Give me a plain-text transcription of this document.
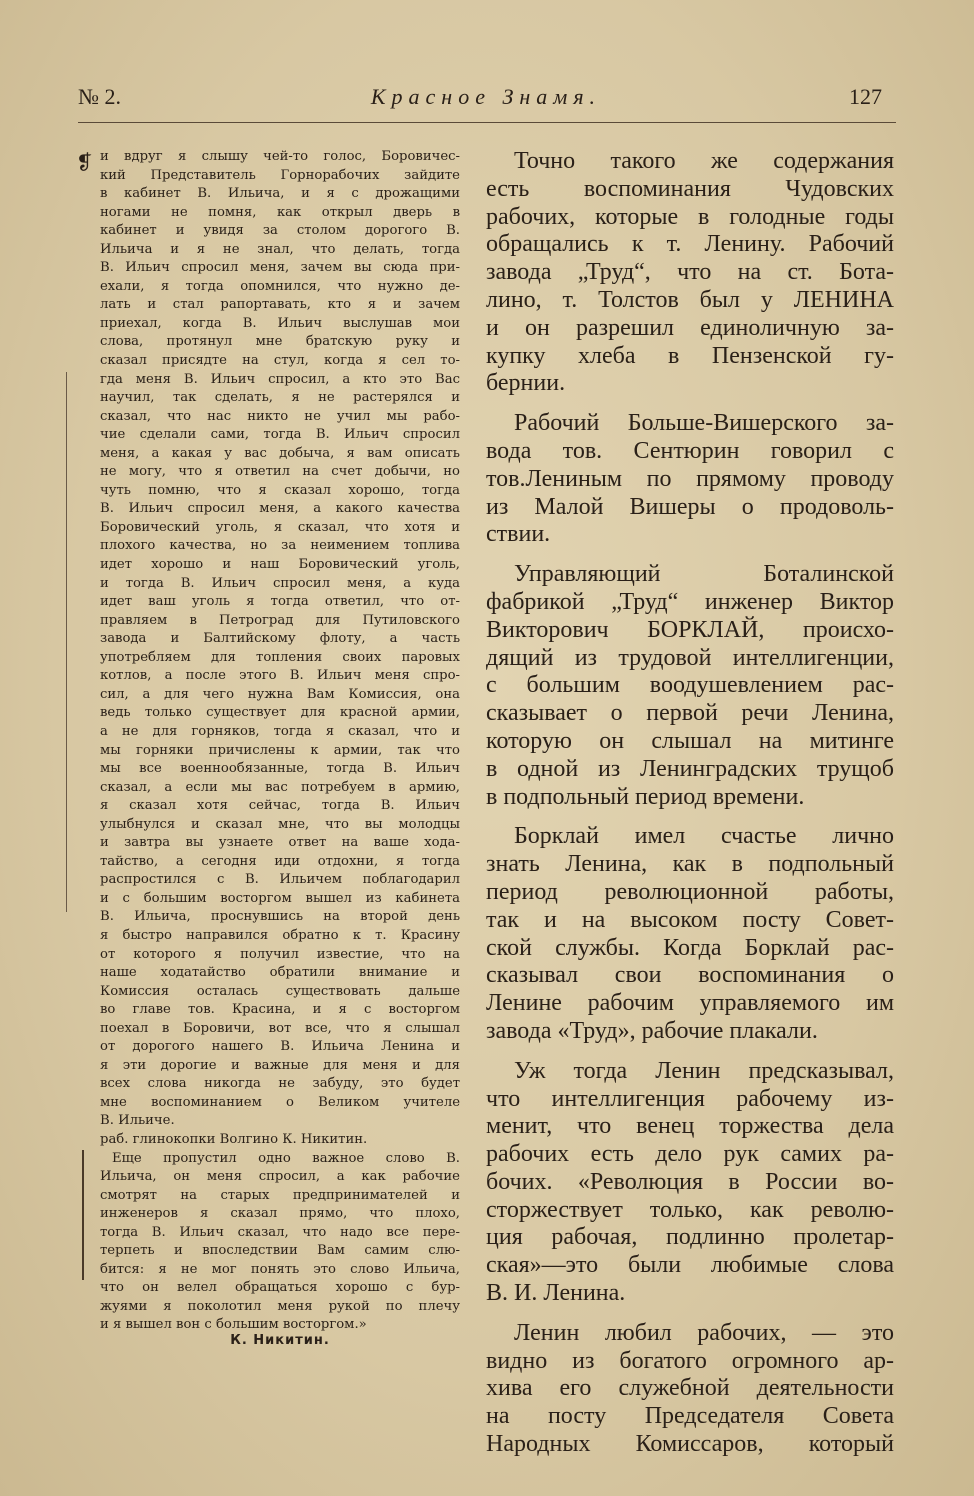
№ 2.	Красное Знамя.	127
❡ и вдруг я слышу чей-то голос, Боровичес-
кий Представитель Горнорабочих зайдите
в кабинет В. Ильича, и я с дрожащими
ногами не помня, как открыл дверь в
кабинет и увидя за столом дорогого В.
Ильича и я не знал, что делать, тогда
В. Ильич спросил меня, зачем вы сюда при-
ехали, я тогда опомнился, что нужно де-
лать и стал рапортавать, кто я и зачем
приехал, когда В. Ильич выслушав мои
слова, протянул мне братскую руку и
сказал присядте на стул, когда я сел то-
гда меня В. Ильич спросил, а кто это Вас
научил, так сделать, я не растерялся и
сказал, что нас никто не учил мы рабо-
чие сделали сами, тогда В. Ильич спросил
меня, а какая у вас добыча, я вам описать
не могу, что я ответил на счет добычи, но
чуть помню, что я сказал хорошо, тогда
В. Ильич спросил меня, а какого качества
Боровический уголь, я сказал, что хотя и
плохого качества, но за неимением топлива
идет хорошо и наш Боровический уголь,
и тогда В. Ильич спросил меня, а куда
идет ваш уголь я тогда ответил, что от-
правляем в Петроград для Путиловского
завода и Балтийскому флоту, а часть
употребляем для топления своих паровых
котлов, а после этого В. Ильич меня спро-
сил, а для чего нужна Вам Комиссия, она
ведь только существует для красной армии,
а не для горняков, тогда я сказал, что и
мы горняки причислены к армии, так что
мы все военнообязанные, тогда В. Ильич
сказал, а если мы вас потребуем в армию,
я сказал хотя сейчас, тогда В. Ильич
улыбнулся и сказал мне, что вы молодцы
и завтра вы узнаете ответ на ваше хода-
тайство, а сегодня иди отдохни, я тогда
распростился с В. Ильичем поблагодарил
и с большим восторгом вышел из кабинета
В. Ильича, проснувшись на второй день
я быстро направился обратно к т. Красину
от которого я получил известие, что на
наше ходатайство обратили внимание и
Комиссия осталась существовать дальше
во главе тов. Красина, и я с восторгом
поехал в Боровичи, вот все, что я слышал
от дорогого нашего В. Ильича Ленина и
я эти дорогие и важные для меня и для
всех слова никогда не забуду, это будет
мне воспоминанием о Великом учителе
В. Ильиче.
раб. глинокопки Волгино К. Никитин.
Еще пропустил одно важное слово В.
Ильича, он меня спросил, а как рабочие
смотрят на старых предпринимателей и
инженеров я сказал прямо, что плохо,
тогда В. Ильич сказал, что надо все пере-
терпеть и впоследствии Вам самим слю-
бится: я не мог понять это слово Ильича,
что он велел обращаться хорошо с бур-
жуями я поколотил меня рукой по плечу
и я вышел вон с большим восторгом.»
К. Никитин.
Точно такого же содержания
есть воспоминания Чудовских
рабочих, которые в голодные годы
обращались к т. Ленину. Рабочий
завода „Труд“, что на ст. Бота-
лино, т. Толстов был у ЛЕНИНА
и он разрешил единоличную за-
купку хлеба в Пензенской гу-
бернии.
Рабочий Больше-Вишерского за-
вода тов. Сентюрин говорил с
тов.Лениным по прямому проводу
из Малой Вишеры о продоволь-
ствии.
Управляющий Боталинской
фабрикой „Труд“ инженер Виктор
Викторович БОРКЛАЙ, происхо-
дящий из трудовой интеллигенции,
с большим воодушевлением рас-
сказывает о первой речи Ленина,
которую он слышал на митинге
в одной из Ленинградских трущоб
в подпольный период времени.
Борклай имел счастье лично
знать Ленина, как в подпольный
период революционной работы,
так и на высоком посту Совет-
ской службы. Когда Борклай рас-
сказывал свои воспоминания о
Ленине рабочим управляемого им
завода «Труд», рабочие плакали.
Уж тогда Ленин предсказывал,
что интеллигенция рабочему из-
менит, что венец торжества дела
рабочих есть дело рук самих ра-
бочих. «Революция в России во-
сторжествует только, как револю-
ция рабочая, подлинно пролетар-
ская»—это были любимые слова
В. И. Ленина.
Ленин любил рабочих, — это
видно из богатого огромного ар-
хива его служебной деятельности
на посту Председателя Совета
Народных Комиссаров, который
